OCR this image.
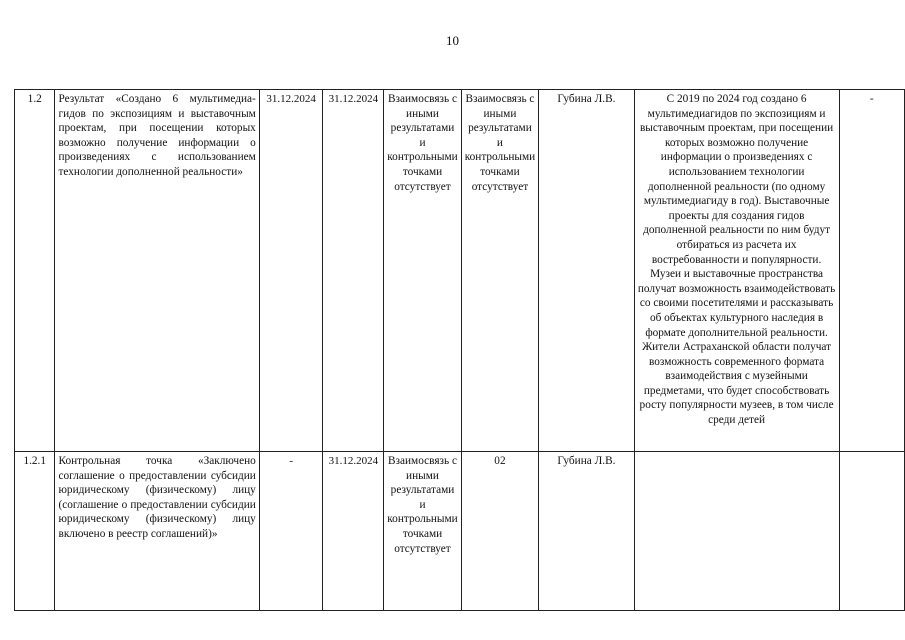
10
1.2	Результат «Создано 6 мультимедиа-гидов по экспозициям и выставочным проектам, при посещении которых возможно получение информации о произведениях с использованием технологии дополненной реальности»	31.12.2024	31.12.2024	Взаимосвязь с иными результатами и контрольными точками отсутствует	Взаимосвязь с иными результатами и контрольными точками отсутствует	Губина Л.В.	С 2019 по 2024 год создано 6 мультимедиагидов по экспозициям и выставочным проектам, при посещении которых возможно получение информации о произведениях с использованием технологии дополненной реальности (по одному мультимедиагиду в год). Выставочные проекты для создания гидов дополненной реальности по ним будут отбираться из расчета их востребованности и популярности. Музеи и выставочные пространства получат возможность взаимодействовать со своими посетителями и рассказывать об объектах культурного наследия в формате дополнительной реальности. Жители Астраханской области получат возможность современного формата взаимодействия с музейными предметами, что будет способствовать росту популярности музеев, в том числе среди детей	-
1.2.1	Контрольная точка «Заключено соглашение о предоставлении субсидии юридическому (физическому) лицу (соглашение о предоставлении субсидии юридическому (физическому) лицу включено в реестр соглашений)»	-	31.12.2024	Взаимосвязь с иными результатами и контрольными точками отсутствует	02	Губина Л.В.		
